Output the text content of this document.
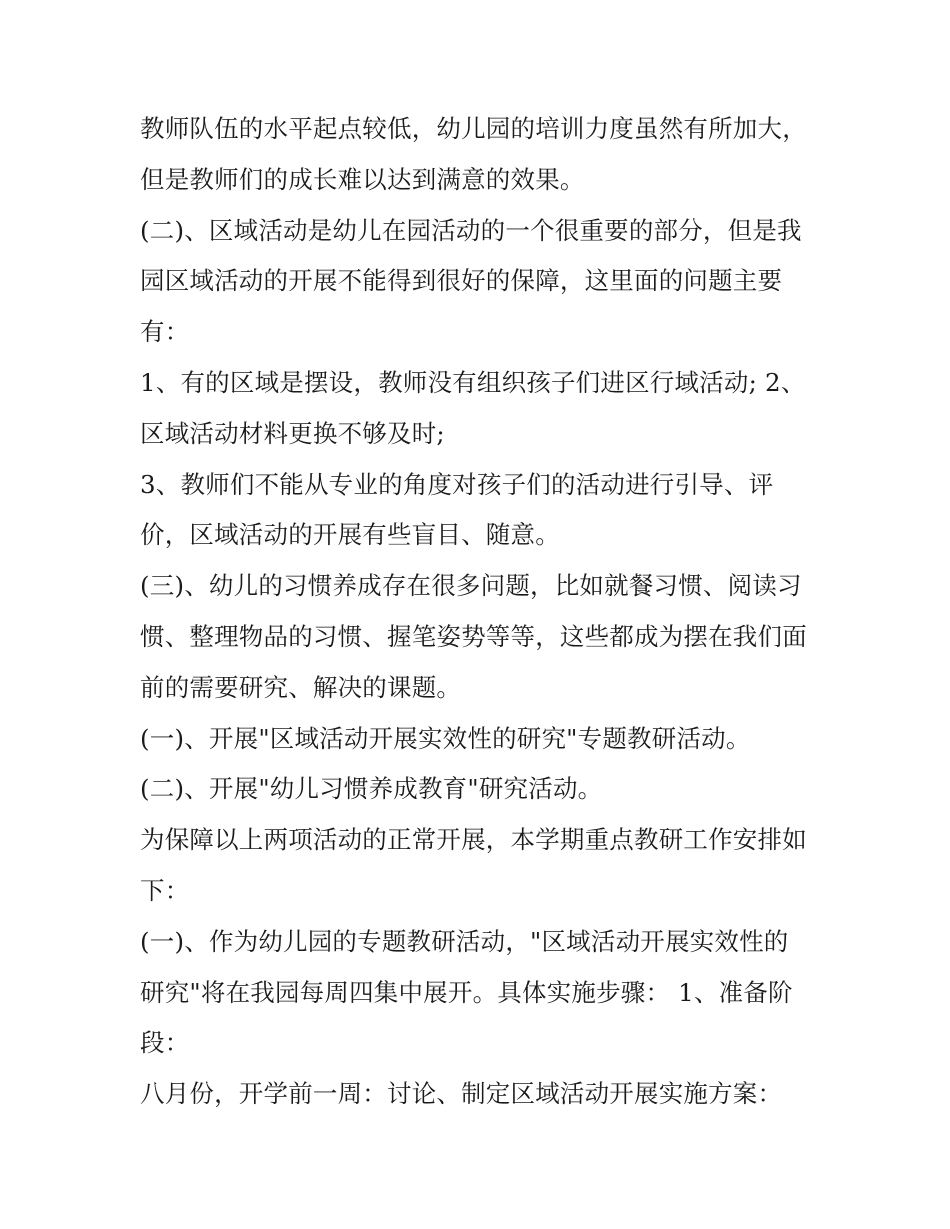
教师队伍的水平起点较低，幼儿园的培训力度虽然有所加大，
但是教师们的成长难以达到满意的效果。
(二)、区域活动是幼儿在园活动的一个很重要的部分，但是我
园区域活动的开展不能得到很好的保障，这里面的问题主要
有：
1、有的区域是摆设，教师没有组织孩子们进区行域活动; 2、
区域活动材料更换不够及时;
3、教师们不能从专业的角度对孩子们的活动进行引导、评
价，区域活动的开展有些盲目、随意。
(三)、幼儿的习惯养成存在很多问题，比如就餐习惯、阅读习
惯、整理物品的习惯、握笔姿势等等，这些都成为摆在我们面
前的需要研究、解决的课题。
(一)、开展"区域活动开展实效性的研究"专题教研活动。
(二)、开展"幼儿习惯养成教育"研究活动。
为保障以上两项活动的正常开展，本学期重点教研工作安排如
下：
(一)、作为幼儿园的专题教研活动，"区域活动开展实效性的
研究"将在我园每周四集中展开。具体实施步骤： 1、准备阶
段：
八月份，开学前一周：讨论、制定区域活动开展实施方案：
